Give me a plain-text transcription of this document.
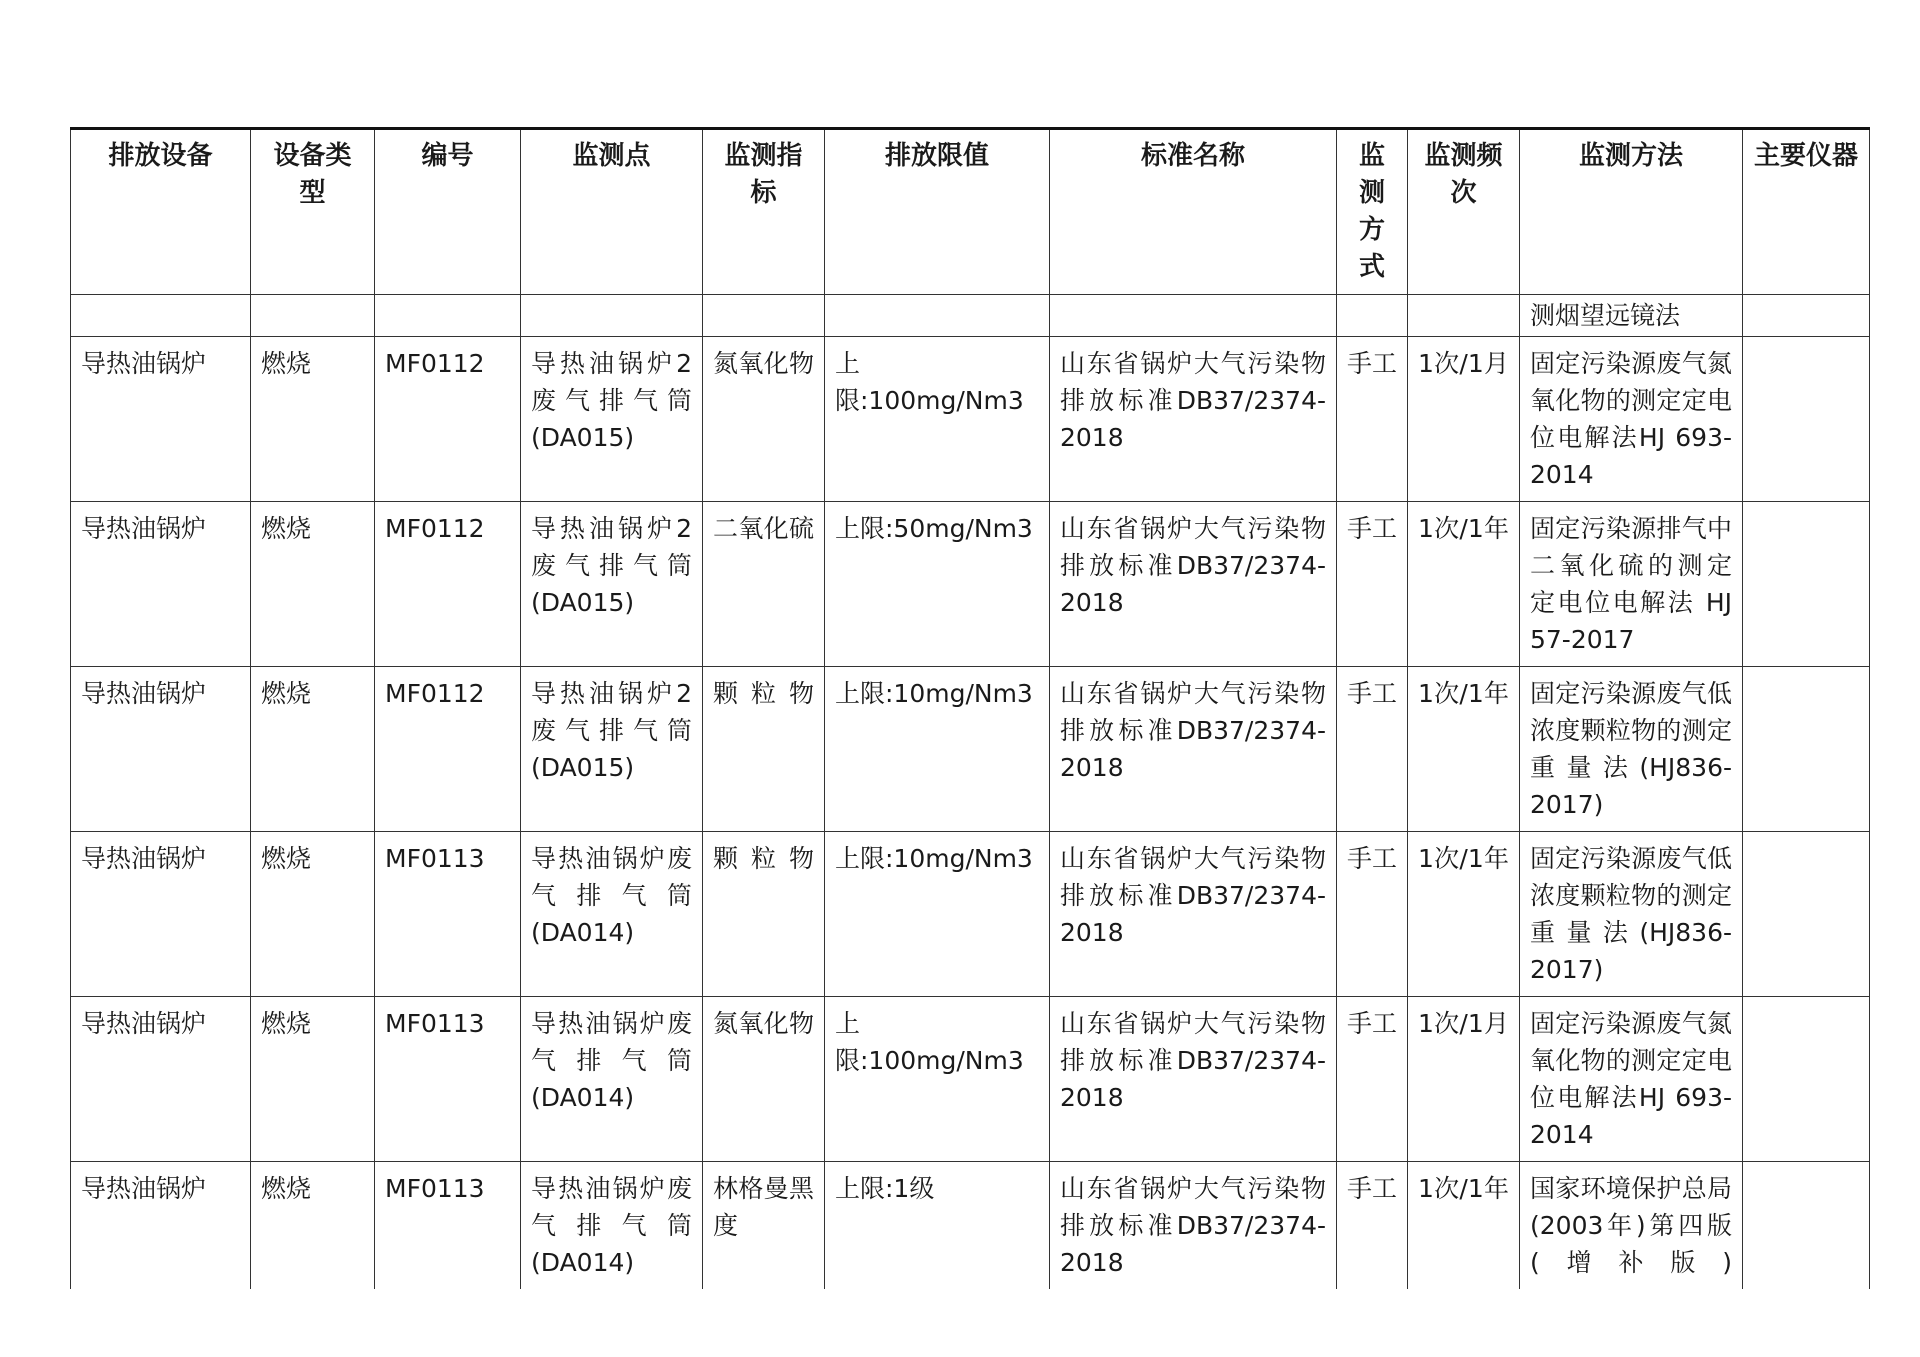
排放设备	设备类型	编号	监测点	监测指标	排放限值	标准名称	监测方式	监测频次	监测方法	主要仪器
									测烟望远镜法	
导热油锅炉	燃烧	MF0112	导热油锅炉2废气排气筒(DA015)	氮氧化物	上限:100mg/Nm3	山东省锅炉大气污染物排放标准DB37/2374-2018	手工	1次/1月	固定污染源废气氮氧化物的测定定电位电解法HJ 693-2014	
导热油锅炉	燃烧	MF0112	导热油锅炉2废气排气筒(DA015)	二氧化硫	上限:50mg/Nm3	山东省锅炉大气污染物排放标准DB37/2374-2018	手工	1次/1年	固定污染源排气中二氧化硫的测定 定电位电解法 HJ 57-2017	
导热油锅炉	燃烧	MF0112	导热油锅炉2废气排气筒(DA015)	颗粒物	上限:10mg/Nm3	山东省锅炉大气污染物排放标准DB37/2374-2018	手工	1次/1年	固定污染源废气低浓度颗粒物的测定 重量法(HJ836-2017)	
导热油锅炉	燃烧	MF0113	导热油锅炉废气排气筒(DA014)	颗粒物	上限:10mg/Nm3	山东省锅炉大气污染物排放标准DB37/2374-2018	手工	1次/1年	固定污染源废气低浓度颗粒物的测定 重量法(HJ836-2017)	
导热油锅炉	燃烧	MF0113	导热油锅炉废气排气筒(DA014)	氮氧化物	上限:100mg/Nm3	山东省锅炉大气污染物排放标准DB37/2374-2018	手工	1次/1月	固定污染源废气氮氧化物的测定定电位电解法HJ 693-2014	
导热油锅炉	燃烧	MF0113	导热油锅炉废气排气筒(DA014)	林格曼黑度	上限:1级	山东省锅炉大气污染物排放标准DB37/2374-2018	手工	1次/1年	国家环境保护总局(2003年)第四版(增补版)	
